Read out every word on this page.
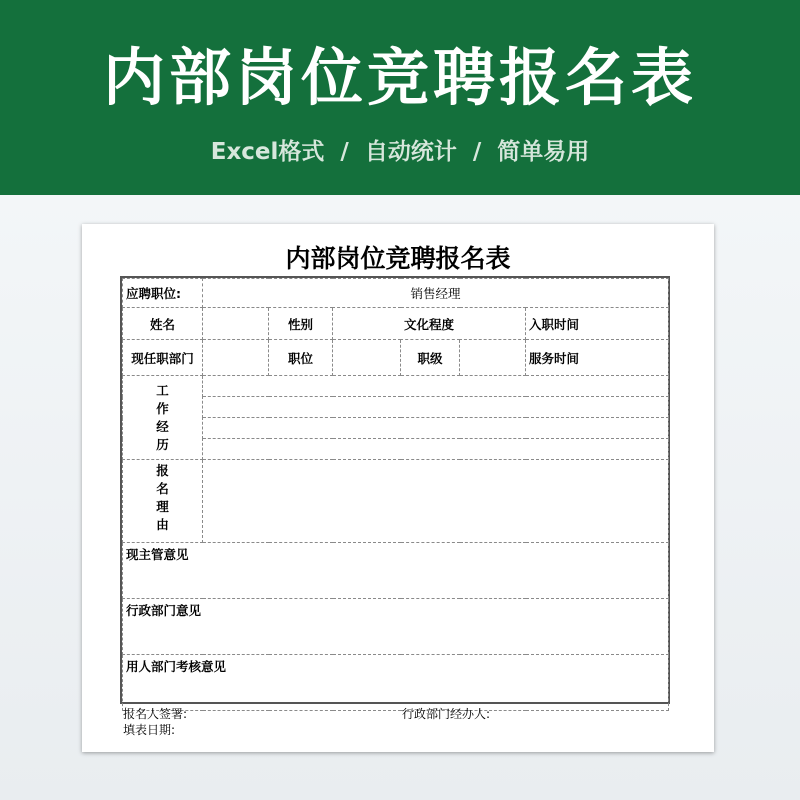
内部岗位竞聘报名表
Excel格式  /  自动统计  /  简单易用
内部岗位竞聘报名表
应聘职位:	销售经理					
姓名		性别	文化程度			入职时间
现任职部门		职位		职级		服务时间
工
作
经
历						

报
名
理
由						
现主管意见						
行政部门意见						
用人部门考核意见						
报名人签署:
填表日期:
行政部门经办人:
